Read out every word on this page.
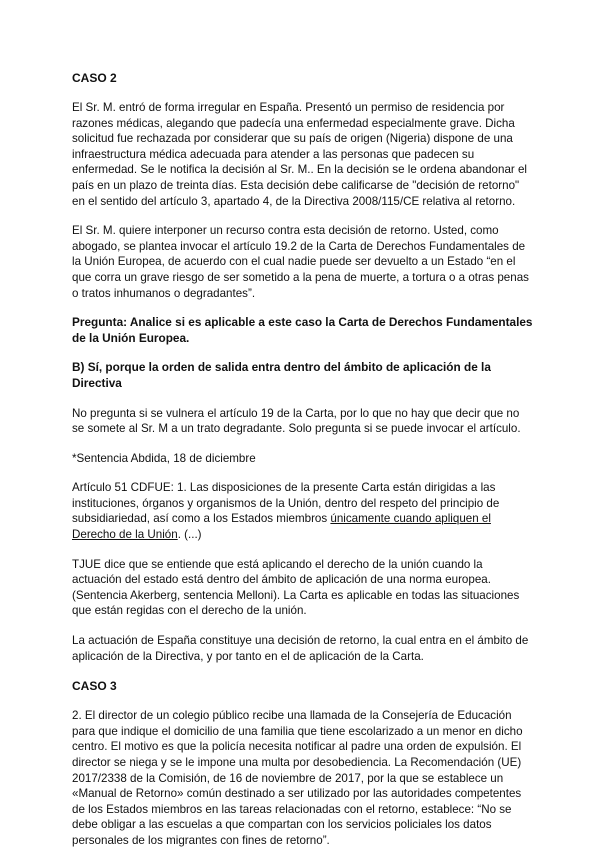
CASO 2

El Sr. M. entró de forma irregular en España. Presentó un permiso de residencia por razones médicas, alegando que padecía una enfermedad especialmente grave. Dicha solicitud fue rechazada por considerar que su país de origen (Nigeria) dispone de una infraestructura médica adecuada para atender a las personas que padecen su enfermedad. Se le notifica la decisión al Sr. M.. En la decisión se le ordena abandonar el país en un plazo de treinta días. Esta decisión debe calificarse de "decisión de retorno" en el sentido del artículo 3, apartado 4, de la Directiva 2008/115/CE relativa al retorno.

El Sr. M. quiere interponer un recurso contra esta decisión de retorno. Usted, como abogado, se plantea invocar el artículo 19.2 de la Carta de Derechos Fundamentales de la Unión Europea, de acuerdo con el cual nadie puede ser devuelto a un Estado “en el que corra un grave riesgo de ser sometido a la pena de muerte, a tortura o a otras penas o tratos inhumanos o degradantes”.

Pregunta: Analice si es aplicable a este caso la Carta de Derechos Fundamentales de la Unión Europea.

B) Sí, porque la orden de salida entra dentro del ámbito de aplicación de la Directiva

No pregunta si se vulnera el artículo 19 de la Carta, por lo que no hay que decir que no se somete al Sr. M a un trato degradante. Solo pregunta si se puede invocar el artículo.

*Sentencia Abdida, 18 de diciembre

Artículo 51 CDFUE: 1. Las disposiciones de la presente Carta están dirigidas a las instituciones, órganos y organismos de la Unión, dentro del respeto del principio de subsidiariedad, así como a los Estados miembros únicamente cuando apliquen el Derecho de la Unión. (...)

TJUE dice que se entiende que está aplicando el derecho de la unión cuando la actuación del estado está dentro del ámbito de aplicación de una norma europea. (Sentencia Akerberg, sentencia Melloni). La Carta es aplicable en todas las situaciones que están regidas con el derecho de la unión.

La actuación de España constituye una decisión de retorno, la cual entra en el ámbito de aplicación de la Directiva, y por tanto en el de aplicación de la Carta.

CASO 3

2. El director de un colegio público recibe una llamada de la Consejería de Educación para que indique el domicilio de una familia que tiene escolarizado a un menor en dicho centro. El motivo es que la policía necesita notificar al padre una orden de expulsión. El director se niega y se le impone una multa por desobediencia. La Recomendación (UE) 2017/2338 de la Comisión, de 16 de noviembre de 2017, por la que se establece un «Manual de Retorno» común destinado a ser utilizado por las autoridades competentes de los Estados miembros en las tareas relacionadas con el retorno, establece: “No se debe obligar a las escuelas a que compartan con los servicios policiales los datos personales de los migrantes con fines de retorno”.
